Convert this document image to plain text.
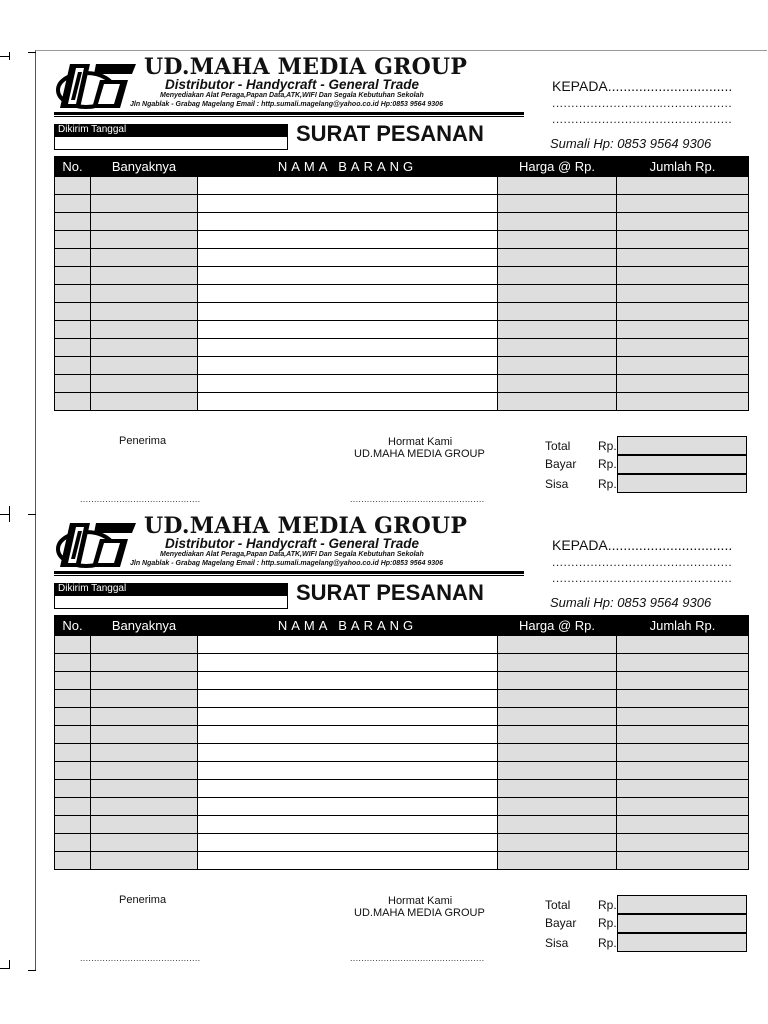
UD.MAHA MEDIA GROUP
Distributor - Handycraft - General Trade
Menyediakan Alat Peraga,Papan Data,ATK,WIFI Dan Segala Kebutuhan Sekolah
Jln Ngablak - Grabag Magelang Email : http.sumali.magelang@yahoo.co.id Hp:0853 9564 9306
KEPADA................................
...............................................
...............................................
Dikirim Tanggal	SURAT PESANAN	Sumali Hp: 0853 9564 9306
No.	Banyaknya	NAMA BARANG	Harga @ Rp.	Jumlah Rp.

Penerima	Hormat Kami
UD.MAHA MEDIA GROUP
...........................................	................................................
Total Rp.
Bayar Rp.
Sisa Rp.
UD.MAHA MEDIA GROUP
Distributor - Handycraft - General Trade
Menyediakan Alat Peraga,Papan Data,ATK,WIFI Dan Segala Kebutuhan Sekolah
Jln Ngablak - Grabag Magelang Email : http.sumali.magelang@yahoo.co.id Hp:0853 9564 9306
KEPADA................................
...............................................
...............................................
Dikirim Tanggal	SURAT PESANAN	Sumali Hp: 0853 9564 9306
No.	Banyaknya	NAMA BARANG	Harga @ Rp.	Jumlah Rp.

Penerima	Hormat Kami
UD.MAHA MEDIA GROUP
...........................................	................................................
Total Rp.
Bayar Rp.
Sisa Rp.
